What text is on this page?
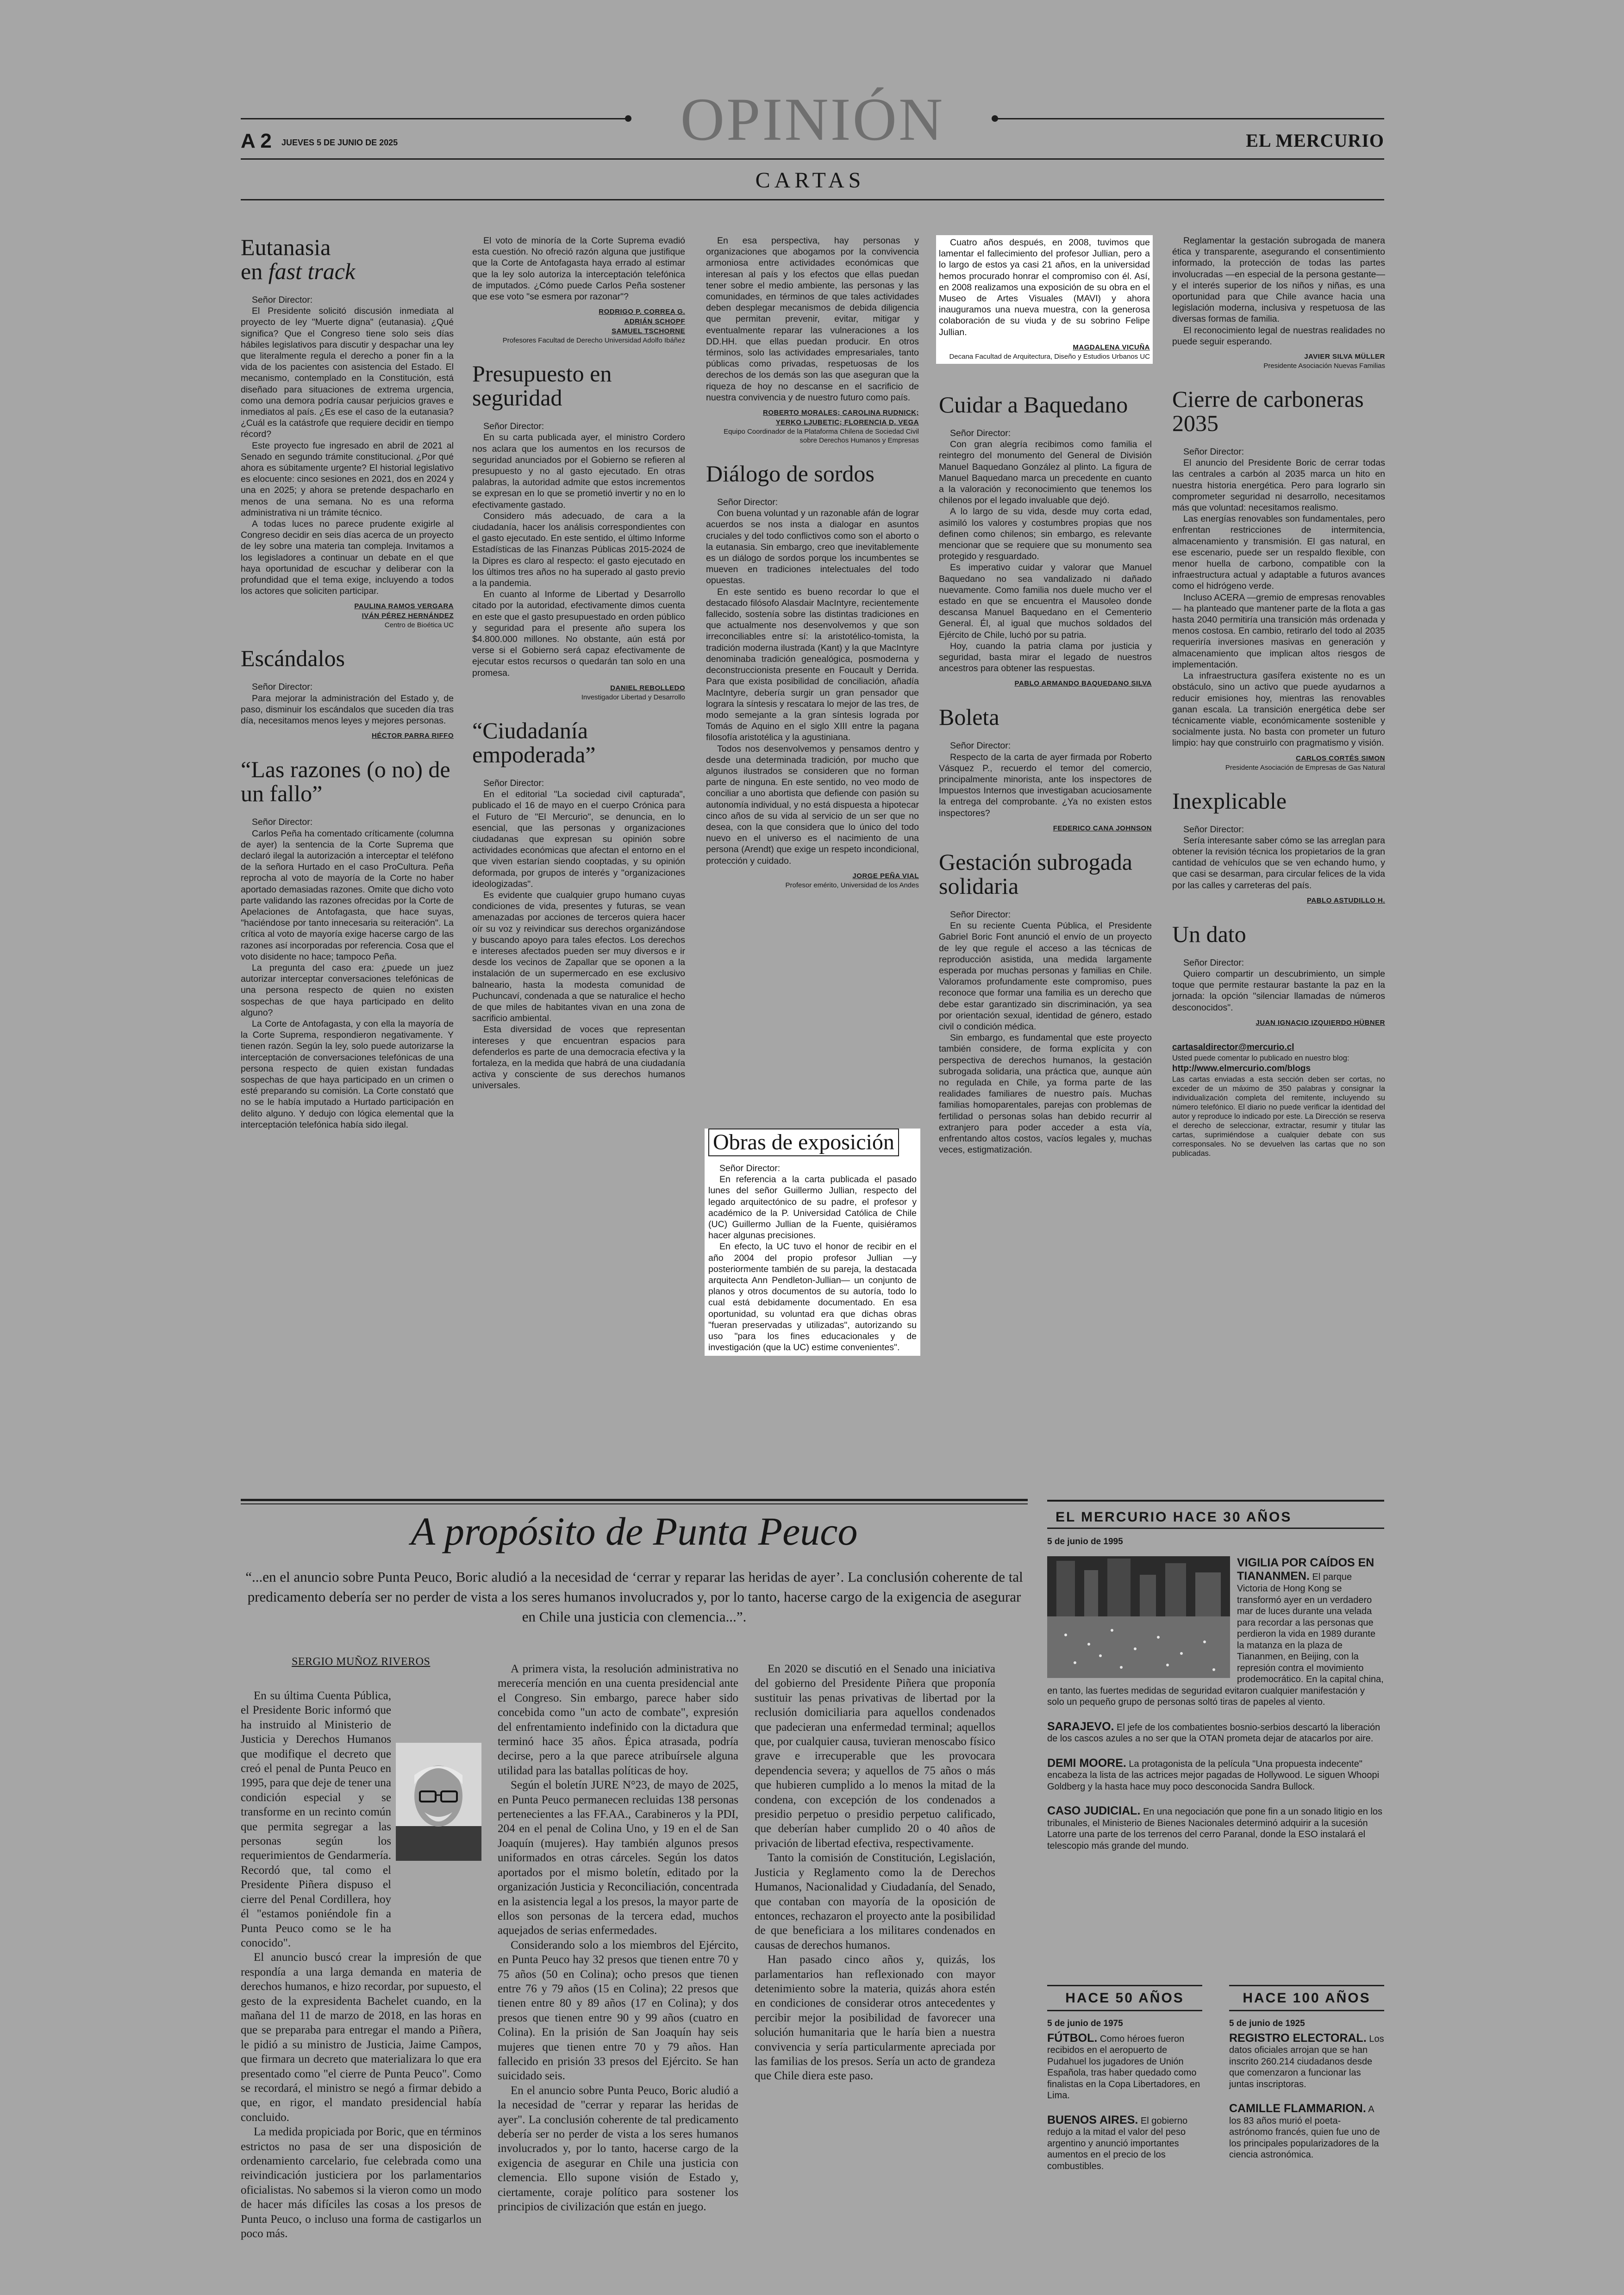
OPINIÓN
A 2 JUEVES 5 DE JUNIO DE 2025	EL MERCURIO
CARTAS
Eutanasia
en fast track

Señor Director:

El Presidente solicitó discusión inmediata al proyecto de ley "Muerte digna" (eutanasia). ¿Qué significa? Que el Congreso tiene solo seis días hábiles legislativos para discutir y despachar una ley que literalmente regula el derecho a poner fin a la vida de los pacientes con asistencia del Estado. El mecanismo, contemplado en la Constitución, está diseñado para situaciones de extrema urgencia, como una demora podría causar perjuicios graves e inmediatos al país. ¿Es ese el caso de la eutanasia? ¿Cuál es la catástrofe que requiere decidir en tiempo récord?

Este proyecto fue ingresado en abril de 2021 al Senado en segundo trámite constitucional. ¿Por qué ahora es súbitamente urgente? El historial legislativo es elocuente: cinco sesiones en 2021, dos en 2024 y una en 2025; y ahora se pretende despacharlo en menos de una semana. No es una reforma administrativa ni un trámite técnico.

A todas luces no parece prudente exigirle al Congreso decidir en seis días acerca de un proyecto de ley sobre una materia tan compleja. Invitamos a los legisladores a continuar un debate en el que haya oportunidad de escuchar y deliberar con la profundidad que el tema exige, incluyendo a todos los actores que soliciten participar.

PAULINA RAMOS VERGARA
IVÁN PÉREZ HERNÁNDEZ
Centro de Bioética UC
Escándalos

Señor Director:

Para mejorar la administración del Estado y, de paso, disminuir los escándalos que suceden día tras día, necesitamos menos leyes y mejores personas.

HÉCTOR PARRA RIFFO
“Las razones (o no) de un fallo”

Señor Director:

Carlos Peña ha comentado críticamente (columna de ayer) la sentencia de la Corte Suprema que declaró ilegal la autorización a interceptar el teléfono de la señora Hurtado en el caso ProCultura. Peña reprocha al voto de mayoría de la Corte no haber aportado demasiadas razones. Omite que dicho voto parte validando las razones ofrecidas por la Corte de Apelaciones de Antofagasta, que hace suyas, "haciéndose por tanto innecesaria su reiteración". La crítica al voto de mayoría exige hacerse cargo de las razones así incorporadas por referencia. Cosa que el voto disidente no hace; tampoco Peña.

La pregunta del caso era: ¿puede un juez autorizar interceptar conversaciones telefónicas de una persona respecto de quien no existen sospechas de que haya participado en delito alguno?

La Corte de Antofagasta, y con ella la mayoría de la Corte Suprema, respondieron negativamente. Y tienen razón. Según la ley, solo puede autorizarse la interceptación de conversaciones telefónicas de una persona respecto de quien existan fundadas sospechas de que haya participado en un crimen o esté preparando su comisión. La Corte constató que no se le había imputado a Hurtado participación en delito alguno. Y dedujo con lógica elemental que la interceptación telefónica había sido ilegal.

El voto de minoría de la Corte Suprema evadió esta cuestión. No ofreció razón alguna que justifique que la Corte de Antofagasta haya errado al estimar que la ley solo autoriza la interceptación telefónica de imputados. ¿Cómo puede Carlos Peña sostener que ese voto "se esmera por razonar"?

RODRIGO P. CORREA G.
ADRIÁN SCHOPF
SAMUEL TSCHORNE
Profesores Facultad de Derecho Universidad Adolfo Ibáñez
Presupuesto en seguridad

Señor Director:

En su carta publicada ayer, el ministro Cordero nos aclara que los aumentos en los recursos de seguridad anunciados por el Gobierno se refieren al presupuesto y no al gasto ejecutado. En otras palabras, la autoridad admite que estos incrementos se expresan en lo que se prometió invertir y no en lo efectivamente gastado.

Considero más adecuado, de cara a la ciudadanía, hacer los análisis correspondientes con el gasto ejecutado. En este sentido, el último Informe Estadísticas de las Finanzas Públicas 2015-2024 de la Dipres es claro al respecto: el gasto ejecutado en los últimos tres años no ha superado al gasto previo a la pandemia.

En cuanto al Informe de Libertad y Desarrollo citado por la autoridad, efectivamente dimos cuenta en este que el gasto presupuestado en orden público y seguridad para el presente año supera los $4.800.000 millones. No obstante, aún está por verse si el Gobierno será capaz efectivamente de ejecutar estos recursos o quedarán tan solo en una promesa.

DANIEL REBOLLEDO
Investigador Libertad y Desarrollo
“Ciudadanía empoderada”

Señor Director:

En el editorial "La sociedad civil capturada", publicado el 16 de mayo en el cuerpo Crónica para el Futuro de "El Mercurio", se denuncia, en lo esencial, que las personas y organizaciones ciudadanas que expresan su opinión sobre actividades económicas que afectan el entorno en el que viven estarían siendo cooptadas, y su opinión deformada, por grupos de interés y "organizaciones ideologizadas".

Es evidente que cualquier grupo humano cuyas condiciones de vida, presentes y futuras, se vean amenazadas por acciones de terceros quiera hacer oír su voz y reivindicar sus derechos organizándose y buscando apoyo para tales efectos. Los derechos e intereses afectados pueden ser muy diversos e ir desde los vecinos de Zapallar que se oponen a la instalación de un supermercado en ese exclusivo balneario, hasta la modesta comunidad de Puchuncaví, condenada a que se naturalice el hecho de que miles de habitantes vivan en una zona de sacrificio ambiental.

Esta diversidad de voces que representan intereses y que encuentran espacios para defenderlos es parte de una democracia efectiva y la fortaleza, en la medida que habrá de una ciudadanía activa y consciente de sus derechos humanos universales.

En esa perspectiva, hay personas y organizaciones que abogamos por la convivencia armoniosa entre actividades económicas que interesan al país y los efectos que ellas puedan tener sobre el medio ambiente, las personas y las comunidades, en términos de que tales actividades deben desplegar mecanismos de debida diligencia que permitan prevenir, evitar, mitigar y eventualmente reparar las vulneraciones a los DD.HH. que ellas puedan producir. En otros términos, solo las actividades empresariales, tanto públicas como privadas, respetuosas de los derechos de los demás son las que aseguran que la riqueza de hoy no descanse en el sacrificio de nuestra convivencia y de nuestro futuro como país.

ROBERTO MORALES; CAROLINA RUDNICK;
YERKO LJUBETIC; FLORENCIA D. VEGA
Equipo Coordinador de la Plataforma Chilena de Sociedad Civil sobre Derechos Humanos y Empresas
Diálogo de sordos

Señor Director:

Con buena voluntad y un razonable afán de lograr acuerdos se nos insta a dialogar en asuntos cruciales y del todo conflictivos como son el aborto o la eutanasia. Sin embargo, creo que inevitablemente es un diálogo de sordos porque los incumbentes se mueven en tradiciones intelectuales del todo opuestas.

En este sentido es bueno recordar lo que el destacado filósofo Alasdair MacIntyre, recientemente fallecido, sostenía sobre las distintas tradiciones en que actualmente nos desenvolvemos y que son irreconciliables entre sí: la aristotélico-tomista, la tradición moderna ilustrada (Kant) y la que MacIntyre denominaba tradición genealógica, posmoderna y deconstruccionista presente en Foucault y Derrida. Para que exista posibilidad de conciliación, añadía MacIntyre, debería surgir un gran pensador que lograra la síntesis y rescatara lo mejor de las tres, de modo semejante a la gran síntesis lograda por Tomás de Aquino en el siglo XIII entre la pagana filosofía aristotélica y la agustiniana.

Todos nos desenvolvemos y pensamos dentro y desde una determinada tradición, por mucho que algunos ilustrados se consideren que no forman parte de ninguna. En este sentido, no veo modo de conciliar a uno abortista que defiende con pasión su autonomía individual, y no está dispuesta a hipotecar cinco años de su vida al servicio de un ser que no desea, con la que considera que lo único del todo nuevo en el universo es el nacimiento de una persona (Arendt) que exige un respeto incondicional, protección y cuidado.

JORGE PEÑA VIAL
Profesor emérito, Universidad de los Andes
Obras de exposición

Señor Director:

En referencia a la carta publicada el pasado lunes del señor Guillermo Jullian, respecto del legado arquitectónico de su padre, el profesor y académico de la P. Universidad Católica de Chile (UC) Guillermo Jullian de la Fuente, quisiéramos hacer algunas precisiones.

En efecto, la UC tuvo el honor de recibir en el año 2004 del propio profesor Jullian —y posteriormente también de su pareja, la destacada arquitecta Ann Pendleton-Jullian— un conjunto de planos y otros documentos de su autoría, todo lo cual está debidamente documentado. En esa oportunidad, su voluntad era que dichas obras "fueran preservadas y utilizadas", autorizando su uso "para los fines educacionales y de investigación (que la UC) estime convenientes".

Cuatro años después, en 2008, tuvimos que lamentar el fallecimiento del profesor Jullian, pero a lo largo de estos ya casi 21 años, en la universidad hemos procurado honrar el compromiso con él. Así, en 2008 realizamos una exposición de su obra en el Museo de Artes Visuales (MAVI) y ahora inauguramos una nueva muestra, con la generosa colaboración de su viuda y de su sobrino Felipe Jullian.

MAGDALENA VICUÑA
Decana Facultad de Arquitectura, Diseño y Estudios Urbanos UC
Cuidar a Baquedano

Señor Director:

Con gran alegría recibimos como familia el reintegro del monumento del General de División Manuel Baquedano González al plinto. La figura de Manuel Baquedano marca un precedente en cuanto a la valoración y reconocimiento que tenemos los chilenos por el legado invaluable que dejó.

A lo largo de su vida, desde muy corta edad, asimiló los valores y costumbres propias que nos definen como chilenos; sin embargo, es relevante mencionar que se requiere que su monumento sea protegido y resguardado.

Es imperativo cuidar y valorar que Manuel Baquedano no sea vandalizado ni dañado nuevamente. Como familia nos duele mucho ver el estado en que se encuentra el Mausoleo donde descansa Manuel Baquedano en el Cementerio General. Él, al igual que muchos soldados del Ejército de Chile, luchó por su patria.

Hoy, cuando la patria clama por justicia y seguridad, basta mirar el legado de nuestros ancestros para obtener las respuestas.

PABLO ARMANDO BAQUEDANO SILVA
Boleta

Señor Director:

Respecto de la carta de ayer firmada por Roberto Vásquez P., recuerdo el temor del comercio, principalmente minorista, ante los inspectores de Impuestos Internos que investigaban acuciosamente la entrega del comprobante. ¿Ya no existen estos inspectores?

FEDERICO CANA JOHNSON
Gestación subrogada solidaria

Señor Director:

En su reciente Cuenta Pública, el Presidente Gabriel Boric Font anunció el envío de un proyecto de ley que regule el acceso a las técnicas de reproducción asistida, una medida largamente esperada por muchas personas y familias en Chile. Valoramos profundamente este compromiso, pues reconoce que formar una familia es un derecho que debe estar garantizado sin discriminación, ya sea por orientación sexual, identidad de género, estado civil o condición médica.

Sin embargo, es fundamental que este proyecto también considere, de forma explícita y con perspectiva de derechos humanos, la gestación subrogada solidaria, una práctica que, aunque aún no regulada en Chile, ya forma parte de las realidades familiares de nuestro país. Muchas familias homoparentales, parejas con problemas de fertilidad o personas solas han debido recurrir al extranjero para poder acceder a esta vía, enfrentando altos costos, vacíos legales y, muchas veces, estigmatización.

Reglamentar la gestación subrogada de manera ética y transparente, asegurando el consentimiento informado, la protección de todas las partes involucradas —en especial de la persona gestante— y el interés superior de los niños y niñas, es una oportunidad para que Chile avance hacia una legislación moderna, inclusiva y respetuosa de las diversas formas de familia.

El reconocimiento legal de nuestras realidades no puede seguir esperando.

JAVIER SILVA MÜLLER
Presidente Asociación Nuevas Familias
Cierre de carboneras 2035

Señor Director:

El anuncio del Presidente Boric de cerrar todas las centrales a carbón al 2035 marca un hito en nuestra historia energética. Pero para lograrlo sin comprometer seguridad ni desarrollo, necesitamos más que voluntad: necesitamos realismo.

Las energías renovables son fundamentales, pero enfrentan restricciones de intermitencia, almacenamiento y transmisión. El gas natural, en ese escenario, puede ser un respaldo flexible, con menor huella de carbono, compatible con la infraestructura actual y adaptable a futuros avances como el hidrógeno verde.

Incluso ACERA —gremio de empresas renovables— ha planteado que mantener parte de la flota a gas hasta 2040 permitiría una transición más ordenada y menos costosa. En cambio, retirarlo del todo al 2035 requeriría inversiones masivas en generación y almacenamiento que implican altos riesgos de implementación.

La infraestructura gasífera existente no es un obstáculo, sino un activo que puede ayudarnos a reducir emisiones hoy, mientras las renovables ganan escala. La transición energética debe ser técnicamente viable, económicamente sostenible y socialmente justa. No basta con prometer un futuro limpio: hay que construirlo con pragmatismo y visión.

CARLOS CORTÉS SIMON
Presidente Asociación de Empresas de Gas Natural
Inexplicable

Señor Director:

Sería interesante saber cómo se las arreglan para obtener la revisión técnica los propietarios de la gran cantidad de vehículos que se ven echando humo, y que casi se desarman, para circular felices de la vida por las calles y carreteras del país.

PABLO ASTUDILLO H.
Un dato

Señor Director:

Quiero compartir un descubrimiento, un simple toque que permite restaurar bastante la paz en la jornada: la opción "silenciar llamadas de números desconocidos".

JUAN IGNACIO IZQUIERDO HÜBNER
cartasaldirector@mercurio.cl
Usted puede comentar lo publicado en nuestro blog:
http://www.elmercurio.com/blogs
Las cartas enviadas a esta sección deben ser cortas, no exceder de un máximo de 350 palabras y consignar la individualización completa del remitente, incluyendo su número telefónico. El diario no puede verificar la identidad del autor y reproduce lo indicado por este. La Dirección se reserva el derecho de seleccionar, extractar, resumir y titular las cartas, suprimiéndose a cualquier debate con sus corresponsales. No se devuelven las cartas que no son publicadas.
A propósito de Punta Peuco
“...en el anuncio sobre Punta Peuco, Boric aludió a la necesidad de ‘cerrar y reparar las heridas de ayer’. La conclusión coherente de tal predicamento debería ser no perder de vista a los seres humanos involucrados y, por lo tanto, hacerse cargo de la exigencia de asegurar en Chile una justicia con clemencia...”.
SERGIO MUÑOZ RIVEROS

En su última Cuenta Pública, el Presidente Boric informó que ha instruido al Ministerio de Justicia y Derechos Humanos que modifique el decreto que creó el penal de Punta Peuco en 1995, para que deje de tener una condición especial y se transforme en un recinto común que permita segregar a las personas según los requerimientos de Gendarmería. Recordó que, tal como el Presidente Piñera dispuso el cierre del Penal Cordillera, hoy él "estamos poniéndole fin a Punta Peuco como se le ha conocido".

El anuncio buscó crear la impresión de que respondía a una larga demanda en materia de derechos humanos, e hizo recordar, por supuesto, el gesto de la expresidenta Bachelet cuando, en la mañana del 11 de marzo de 2018, en las horas en que se preparaba para entregar el mando a Piñera, le pidió a su ministro de Justicia, Jaime Campos, que firmara un decreto que materializara lo que era presentado como "el cierre de Punta Peuco". Como se recordará, el ministro se negó a firmar debido a que, en rigor, el mandato presidencial había concluido.

La medida propiciada por Boric, que en términos estrictos no pasa de ser una disposición de ordenamiento carcelario, fue celebrada como una reivindicación justiciera por los parlamentarios oficialistas. No sabemos si la vieron como un modo de hacer más difíciles las cosas a los presos de Punta Peuco, o incluso una forma de castigarlos un poco más.

A primera vista, la resolución administrativa no merecería mención en una cuenta presidencial ante el Congreso. Sin embargo, parece haber sido concebida como "un acto de combate", expresión del enfrentamiento indefinido con la dictadura que terminó hace 35 años. Épica atrasada, podría decirse, pero a la que parece atribuírsele alguna utilidad para las batallas políticas de hoy.

Según el boletín JURE N°23, de mayo de 2025, en Punta Peuco permanecen recluidas 138 personas pertenecientes a las FF.AA., Carabineros y la PDI, 204 en el penal de Colina Uno, y 19 en el de San Joaquín (mujeres). Hay también algunos presos uniformados en otras cárceles. Según los datos aportados por el mismo boletín, editado por la organización Justicia y Reconciliación, concentrada en la asistencia legal a los presos, la mayor parte de ellos son personas de la tercera edad, muchos aquejados de serias enfermedades.

Considerando solo a los miembros del Ejército, en Punta Peuco hay 32 presos que tienen entre 70 y 75 años (50 en Colina); ocho presos que tienen entre 76 y 79 años (15 en Colina); 22 presos que tienen entre 80 y 89 años (17 en Colina); y dos presos que tienen entre 90 y 99 años (cuatro en Colina). En la prisión de San Joaquín hay seis mujeres que tienen entre 70 y 79 años. Han fallecido en prisión 33 presos del Ejército. Se han suicidado seis.

En el anuncio sobre Punta Peuco, Boric aludió a la necesidad de "cerrar y reparar las heridas de ayer". La conclusión coherente de tal predicamento debería ser no perder de vista a los seres humanos involucrados y, por lo tanto, hacerse cargo de la exigencia de asegurar en Chile una justicia con clemencia. Ello supone visión de Estado y, ciertamente, coraje político para sostener los principios de civilización que están en juego.

En 2020 se discutió en el Senado una iniciativa del gobierno del Presidente Piñera que proponía sustituir las penas privativas de libertad por la reclusión domiciliaria para aquellos condenados que padecieran una enfermedad terminal; aquellos que, por cualquier causa, tuvieran menoscabo físico grave e irrecuperable que les provocara dependencia severa; y aquellos de 75 años o más que hubieren cumplido a lo menos la mitad de la condena, con excepción de los condenados a presidio perpetuo o presidio perpetuo calificado, que deberían haber cumplido 20 o 40 años de privación de libertad efectiva, respectivamente.

Tanto la comisión de Constitución, Legislación, Justicia y Reglamento como la de Derechos Humanos, Nacionalidad y Ciudadanía, del Senado, que contaban con mayoría de la oposición de entonces, rechazaron el proyecto ante la posibilidad de que beneficiara a los militares condenados en causas de derechos humanos.

Han pasado cinco años y, quizás, los parlamentarios han reflexionado con mayor detenimiento sobre la materia, quizás ahora estén en condiciones de considerar otros antecedentes y percibir mejor la posibilidad de favorecer una solución humanitaria que le haría bien a nuestra convivencia y sería particularmente apreciada por las familias de los presos. Sería un acto de grandeza que Chile diera este paso.

EL MERCURIO HACE 30 AÑOS
5 de junio de 1995

VIGILIA POR CAÍDOS EN TIANANMEN. El parque Victoria de Hong Kong se transformó ayer en un verdadero mar de luces durante una velada para recordar a las personas que perdieron la vida en 1989 durante la matanza en la plaza de Tiananmen, en Beijing, con la represión contra el movimiento prodemocrático. En la capital china, en tanto, las fuertes medidas de seguridad evitaron cualquier manifestación y solo un pequeño grupo de personas soltó tiras de papeles al viento.

SARAJEVO. El jefe de los combatientes bosnio-serbios descartó la liberación de los cascos azules a no ser que la OTAN prometa dejar de atacarlos por aire.

DEMI MOORE. La protagonista de la película "Una propuesta indecente" encabeza la lista de las actrices mejor pagadas de Hollywood. Le siguen Whoopi Goldberg y la hasta hace muy poco desconocida Sandra Bullock.

CASO JUDICIAL. En una negociación que pone fin a un sonado litigio en los tribunales, el Ministerio de Bienes Nacionales determinó adquirir a la sucesión Latorre una parte de los terrenos del cerro Paranal, donde la ESO instalará el telescopio más grande del mundo.

HACE 50 AÑOS	HACE 100 AÑOS
5 de junio de 1975

FÚTBOL. Como héroes fueron recibidos en el aeropuerto de Pudahuel los jugadores de Unión Española, tras haber quedado como finalistas en la Copa Libertadores, en Lima.

BUENOS AIRES. El gobierno redujo a la mitad el valor del peso argentino y anunció importantes aumentos en el precio de los combustibles.

5 de junio de 1925

REGISTRO ELECTORAL. Los datos oficiales arrojan que se han inscrito 260.214 ciudadanos desde que comenzaron a funcionar las juntas inscriptoras.

CAMILLE FLAMMARION. A los 83 años murió el poeta-astrónomo francés, quien fue uno de los principales popularizadores de la ciencia astronómica.
